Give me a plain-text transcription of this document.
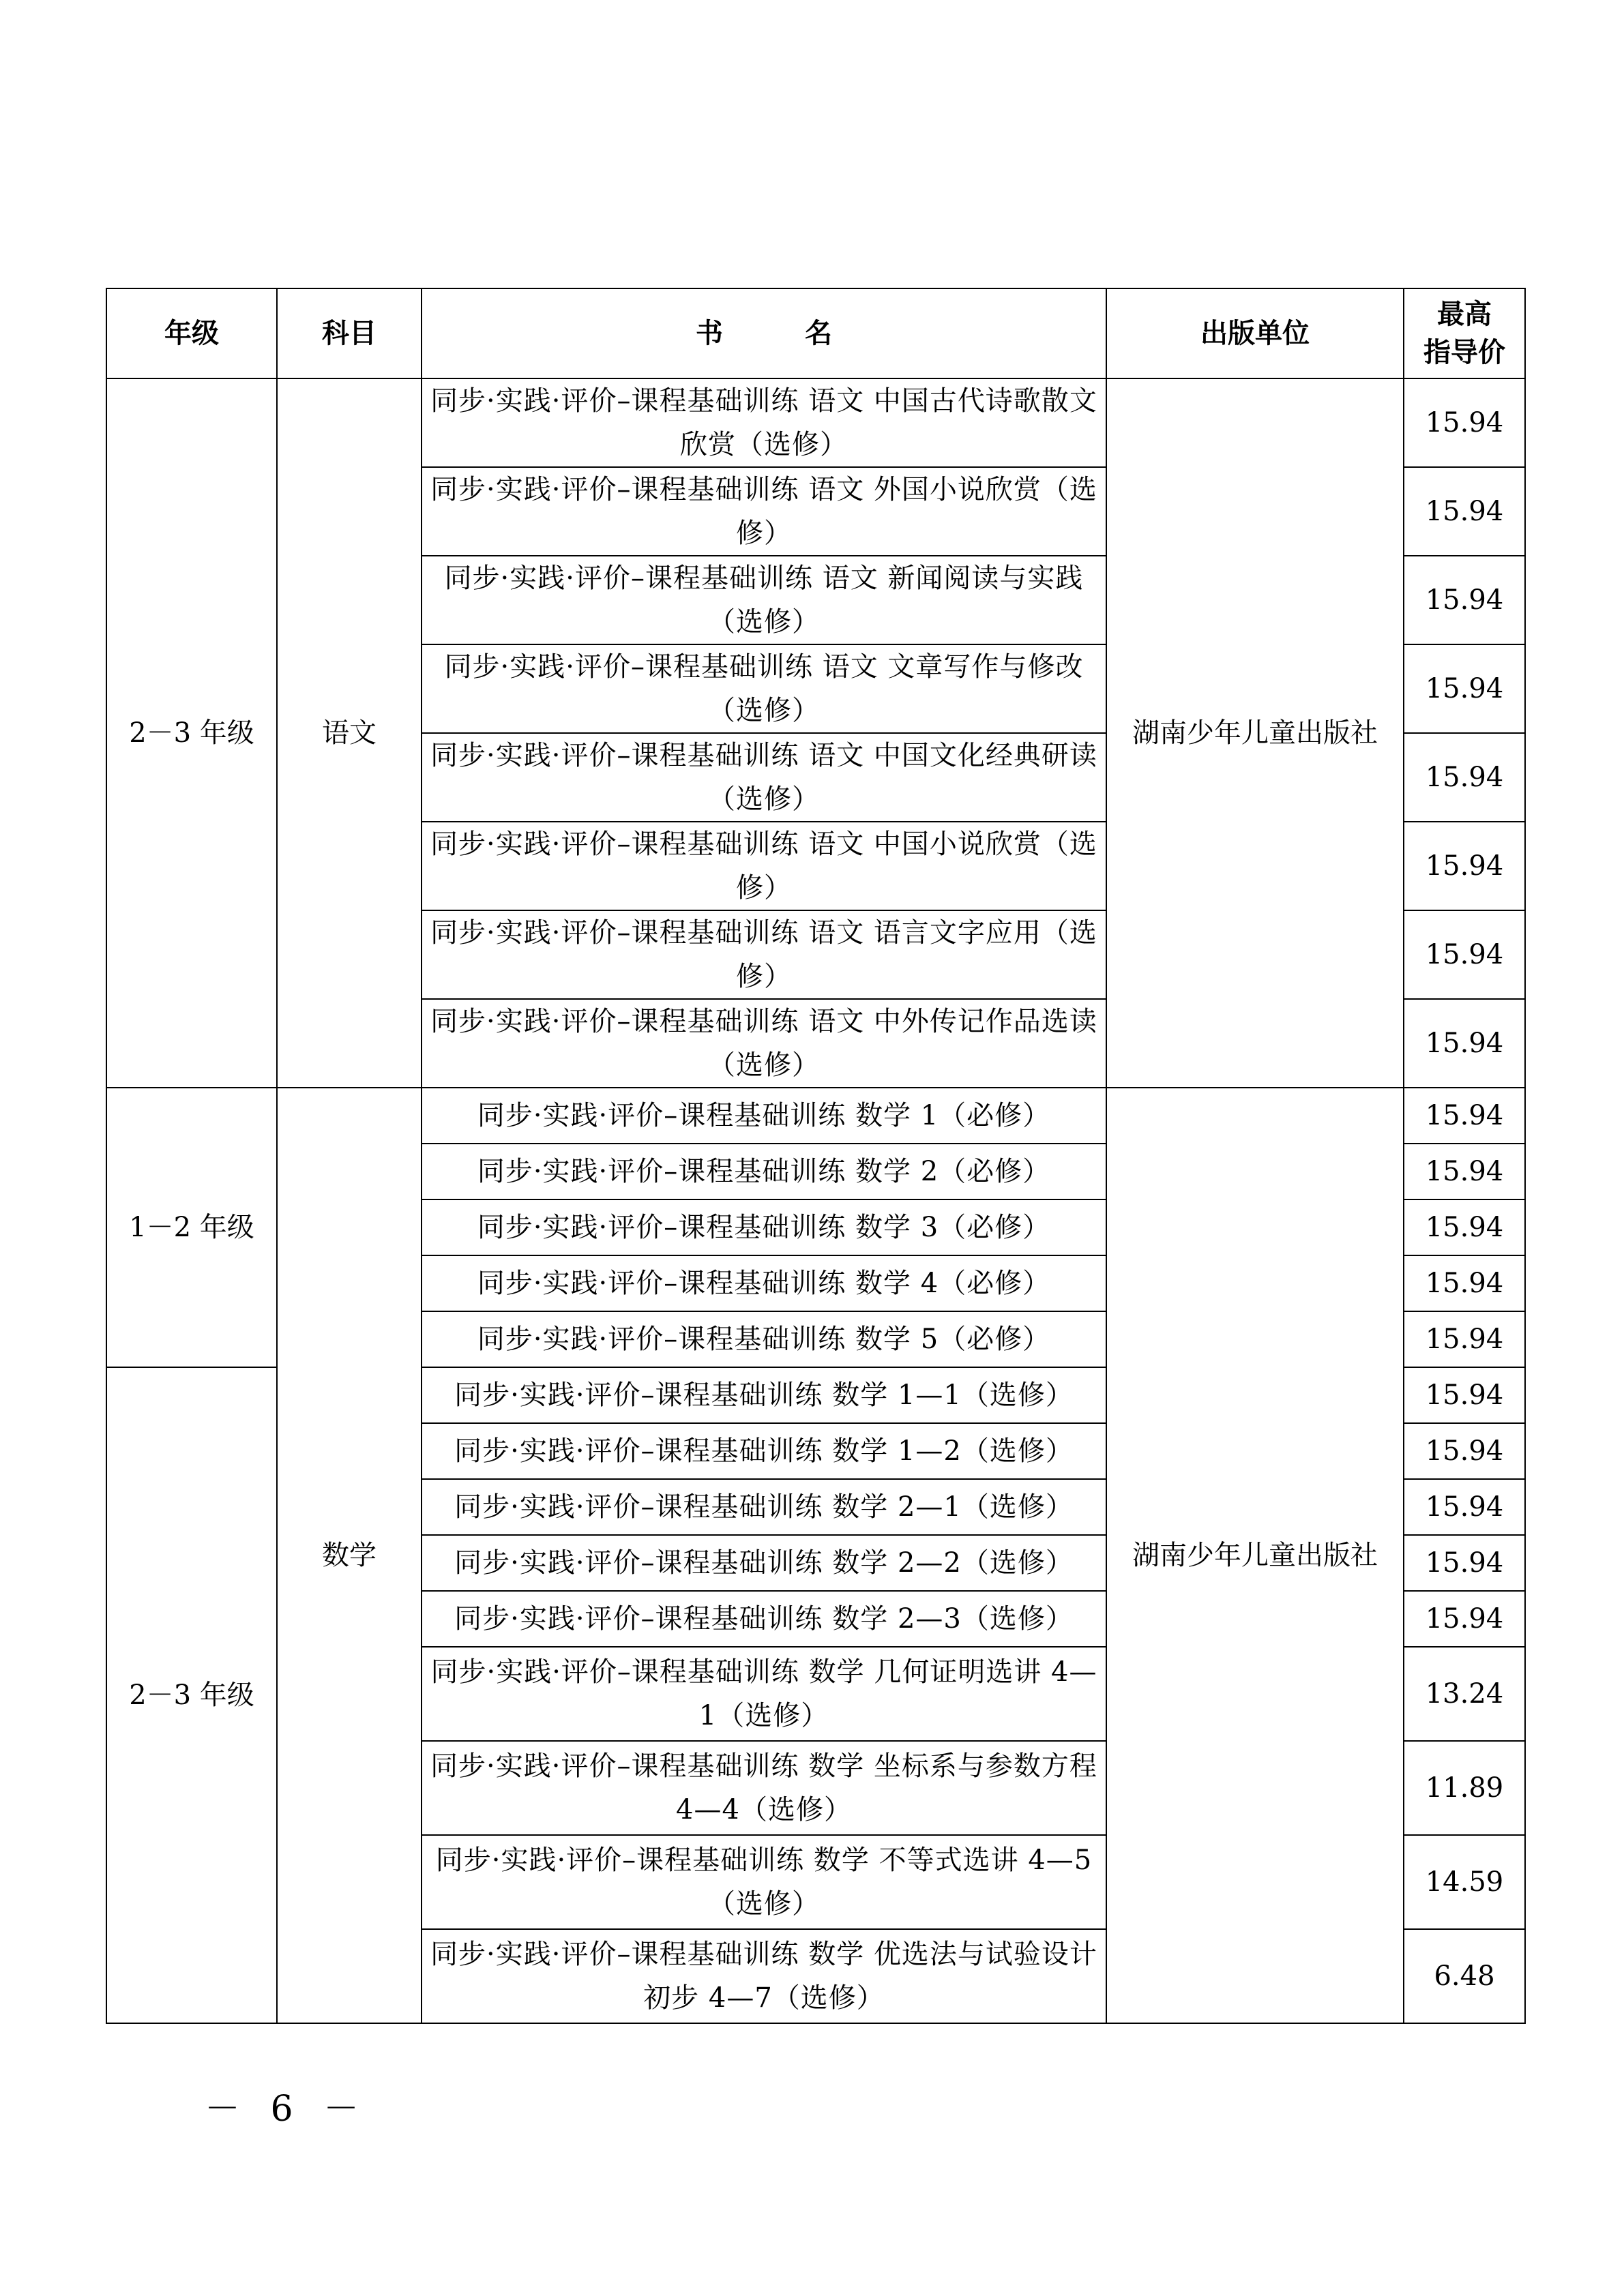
年级	科目	书名	出版单位	最高
指导价

2－3 年级	语文	同步·实践·评价–课程基础训练 语文 中国古代诗歌散文欣赏（选修）	湖南少年儿童出版社	15.94
		同步·实践·评价–课程基础训练 语文 外国小说欣赏（选修）		15.94
		同步·实践·评价–课程基础训练 语文 新闻阅读与实践（选修）		15.94
		同步·实践·评价–课程基础训练 语文 文章写作与修改（选修）		15.94
		同步·实践·评价–课程基础训练 语文 中国文化经典研读（选修）		15.94
		同步·实践·评价–课程基础训练 语文 中国小说欣赏（选修）		15.94
		同步·实践·评价–课程基础训练 语文 语言文字应用（选修）		15.94
		同步·实践·评价–课程基础训练 语文 中外传记作品选读（选修）		15.94
1－2 年级	数学	同步·实践·评价–课程基础训练 数学 1（必修）	湖南少年儿童出版社	15.94
		同步·实践·评价–课程基础训练 数学 2（必修）		15.94
		同步·实践·评价–课程基础训练 数学 3（必修）		15.94
		同步·实践·评价–课程基础训练 数学 4（必修）		15.94
		同步·实践·评价–课程基础训练 数学 5（必修）		15.94
2－3 年级		同步·实践·评价–课程基础训练 数学 1—1（选修）		15.94
		同步·实践·评价–课程基础训练 数学 1—2（选修）		15.94
		同步·实践·评价–课程基础训练 数学 2—1（选修）		15.94
		同步·实践·评价–课程基础训练 数学 2—2（选修）		15.94
		同步·实践·评价–课程基础训练 数学 2—3（选修）		15.94
		同步·实践·评价–课程基础训练 数学 几何证明选讲 4—1（选修）		13.24
		同步·实践·评价–课程基础训练 数学 坐标系与参数方程 4—4（选修）		11.89
		同步·实践·评价–课程基础训练 数学 不等式选讲 4—5（选修）		14.59
		同步·实践·评价–课程基础训练 数学 优选法与试验设计初步 4—7（选修）		6.48
－ 6 －
